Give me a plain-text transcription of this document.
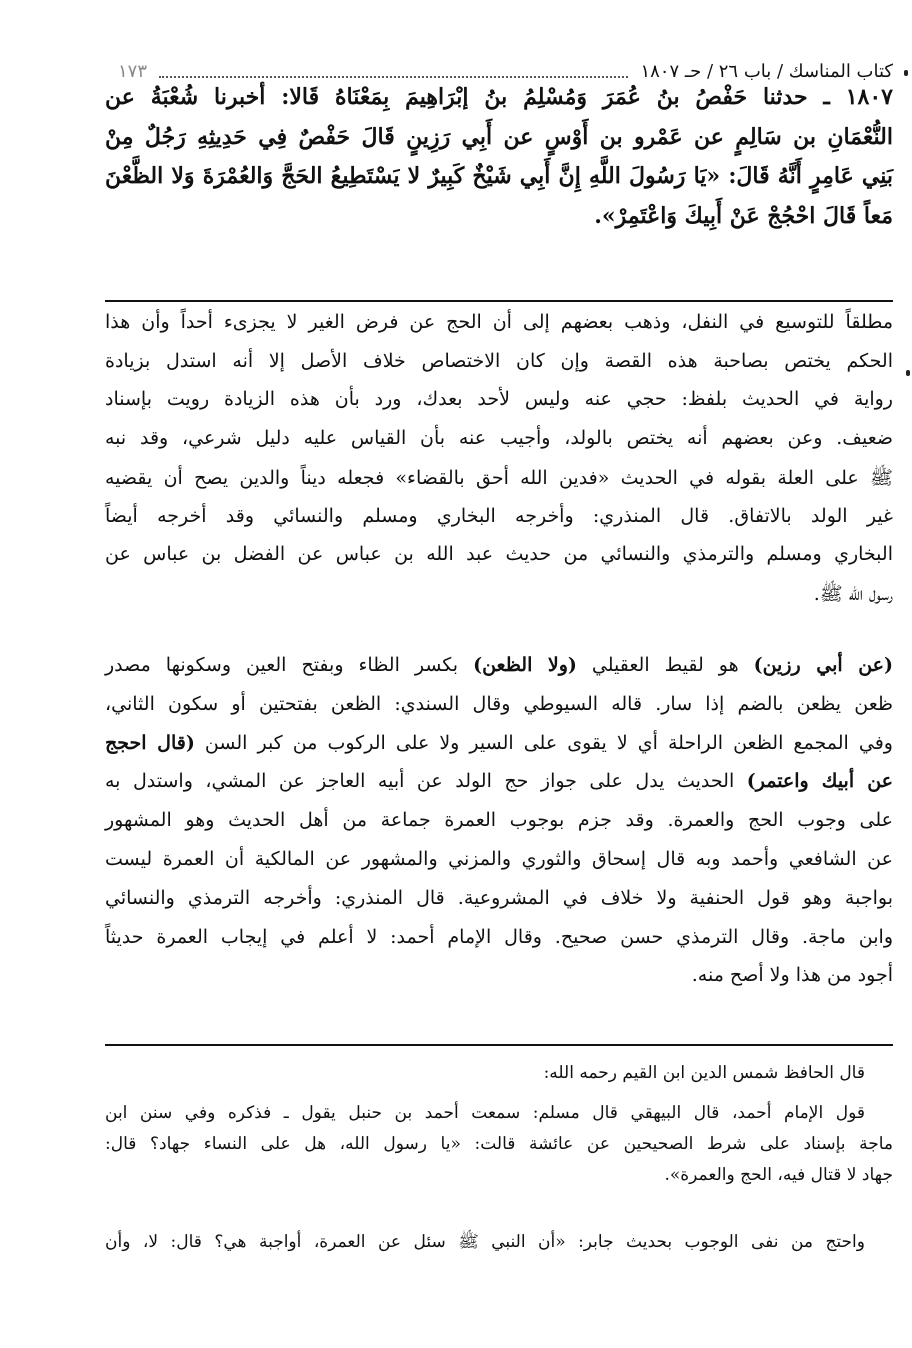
كتاب المناسك / باب ٢٦ / حـ ١٨٠٧
١٧٣
١٨٠٧ ـ حدثنا حَفْصُ بنُ عُمَرَ وَمُسْلِمُ بنُ إبْرَاهِيمَ بِمَعْنَاهُ قَالا: أخبرنا شُعْبَةُ عن
النُّعْمَانِ بن سَالِمٍ عن عَمْرو بن أَوْسٍ عن أَبِي رَزِينٍ قَالَ حَفْصٌ فِي حَدِيثِهِ رَجُلٌ مِنْ
بَنِي عَامِرٍ أَنَّهُ قَالَ: «يَا رَسُولَ اللَّهِ إِنَّ أَبِي شَيْخٌ كَبِيرٌ لا يَسْتَطِيعُ الحَجَّ وَالعُمْرَةَ وَلا الظَّعْنَ
مَعاً قَالَ احْجُجْ عَنْ أَبِيكَ وَاعْتَمِرْ».
مطلقاً للتوسيع في النفل، وذهب بعضهم إلى أن الحج عن فرض الغير لا يجزىء أحداً وأن هذا
الحكم يختص بصاحبة هذه القصة وإن كان الاختصاص خلاف الأصل إلا أنه استدل بزيادة
رواية في الحديث بلفظ: حجي عنه وليس لأحد بعدك، ورد بأن هذه الزيادة رويت بإسناد
ضعيف. وعن بعضهم أنه يختص بالولد، وأجيب عنه بأن القياس عليه دليل شرعي، وقد نبه
ﷺ على العلة بقوله في الحديث «فدين الله أحق بالقضاء» فجعله ديناً والدين يصح أن يقضيه
غير الولد بالاتفاق. قال المنذري: وأخرجه البخاري ومسلم والنسائي وقد أخرجه أيضاً
البخاري ومسلم والترمذي والنسائي من حديث عبد الله بن عباس عن الفضل بن عباس عن
رسول الله ﷺ.
(عن أبي رزين) هو لقيط العقيلي (ولا الظعن) بكسر الظاء وبفتح العين وسكونها مصدر
ظعن يظعن بالضم إذا سار. قاله السيوطي وقال السندي: الظعن بفتحتين أو سكون الثاني،
وفي المجمع الظعن الراحلة أي لا يقوى على السير ولا على الركوب من كبر السن (قال احجج
عن أبيك واعتمر) الحديث يدل على جواز حج الولد عن أبيه العاجز عن المشي، واستدل به
على وجوب الحج والعمرة. وقد جزم بوجوب العمرة جماعة من أهل الحديث وهو المشهور
عن الشافعي وأحمد وبه قال إسحاق والثوري والمزني والمشهور عن المالكية أن العمرة ليست
بواجبة وهو قول الحنفية ولا خلاف في المشروعية. قال المنذري: وأخرجه الترمذي والنسائي
وابن ماجة. وقال الترمذي حسن صحيح. وقال الإمام أحمد: لا أعلم في إيجاب العمرة حديثاً
أجود من هذا ولا أصح منه.
قال الحافظ شمس الدين ابن القيم رحمه الله:
قول الإمام أحمد، قال البيهقي قال مسلم: سمعت أحمد بن حنبل يقول ـ فذكره وفي سنن ابن
ماجة بإسناد على شرط الصحيحين عن عائشة قالت: «يا رسول الله، هل على النساء جهاد؟ قال:
جهاد لا قتال فيه، الحج والعمرة».
واحتج من نفى الوجوب بحديث جابر: «أن النبي ﷺ سئل عن العمرة، أواجبة هي؟ قال: لا، وأن
